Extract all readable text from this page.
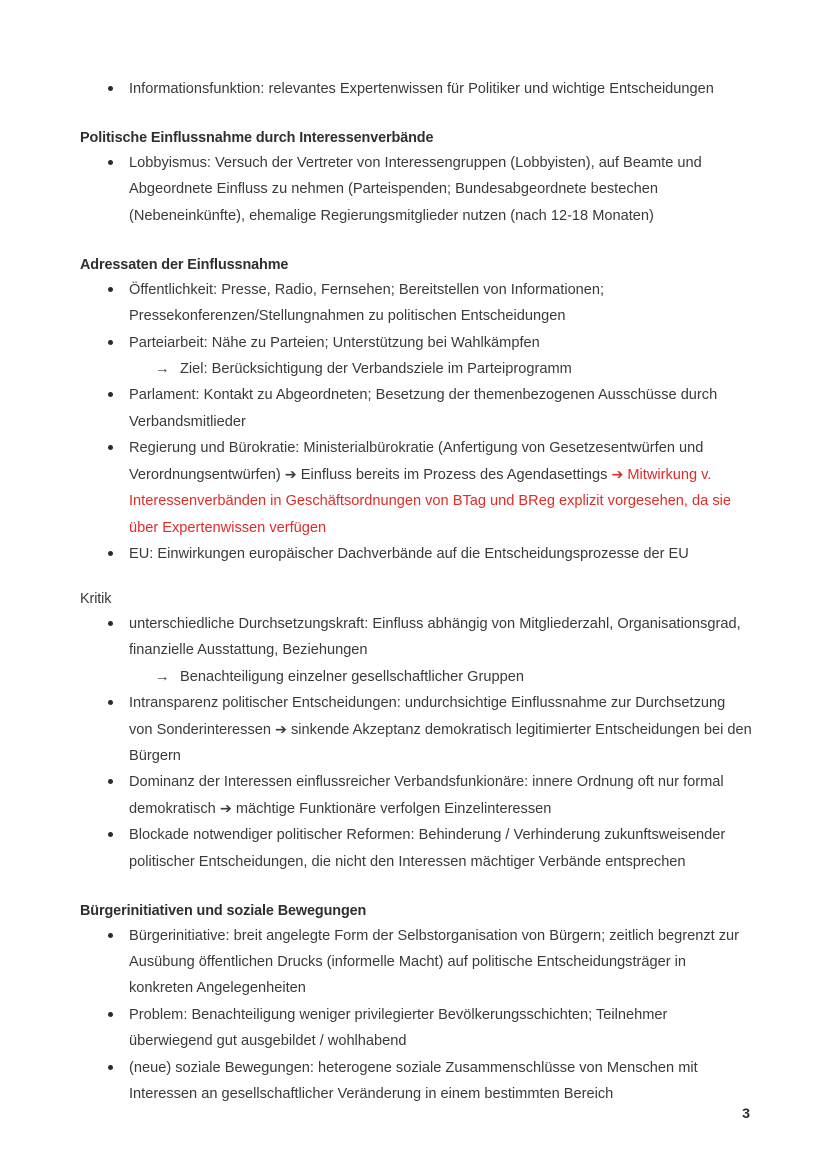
Informationsfunktion: relevantes Expertenwissen für Politiker und wichtige Entscheidungen

Politische Einflussnahme durch Interessenverbände

Lobbyismus: Versuch der Vertreter von Interessengruppen (Lobbyisten), auf Beamte und Abgeordnete Einfluss zu nehmen (Parteispenden; Bundesabgeordnete bestechen (Nebeneinkünfte), ehemalige Regierungsmitglieder nutzen (nach 12-18 Monaten)

Adressaten der Einflussnahme

Öffentlichkeit: Presse, Radio, Fernsehen; Bereitstellen von Informationen; Pressekonferenzen/Stellungnahmen zu politischen Entscheidungen
Parteiarbeit: Nähe zu Parteien; Unterstützung bei Wahlkämpfen
→ Ziel: Berücksichtigung der Verbandsziele im Parteiprogramm
Parlament: Kontakt zu Abgeordneten; Besetzung der themenbezogenen Ausschüsse durch Verbandsmitlieder
Regierung und Bürokratie: Ministerialbürokratie (Anfertigung von Gesetzesentwürfen und Verordnungsentwürfen) ➔ Einfluss bereits im Prozess des Agendasettings ➔ Mitwirkung v. Interessenverbänden in Geschäftsordnungen von BTag und BReg explizit vorgesehen, da sie über Expertenwissen verfügen
EU: Einwirkungen europäischer Dachverbände auf die Entscheidungsprozesse der EU

Kritik

unterschiedliche Durchsetzungskraft: Einfluss abhängig von Mitgliederzahl, Organisationsgrad, finanzielle Ausstattung, Beziehungen
→ Benachteiligung einzelner gesellschaftlicher Gruppen
Intransparenz politischer Entscheidungen: undurchsichtige Einflussnahme zur Durchsetzung von Sonderinteressen ➔ sinkende Akzeptanz demokratisch legitimierter Entscheidungen bei den Bürgern
Dominanz der Interessen einflussreicher Verbandsfunkionäre: innere Ordnung oft nur formal demokratisch ➔ mächtige Funktionäre verfolgen Einzelinteressen
Blockade notwendiger politischer Reformen: Behinderung / Verhinderung zukunftsweisender politischer Entscheidungen, die nicht den Interessen mächtiger Verbände entsprechen

Bürgerinitiativen und soziale Bewegungen

Bürgerinitiative: breit angelegte Form der Selbstorganisation von Bürgern; zeitlich begrenzt zur Ausübung öffentlichen Drucks (informelle Macht) auf politische Entscheidungsträger in konkreten Angelegenheiten
Problem: Benachteiligung weniger privilegierter Bevölkerungsschichten; Teilnehmer überwiegend gut ausgebildet / wohlhabend
(neue) soziale Bewegungen: heterogene soziale Zusammenschlüsse von Menschen mit Interessen an gesellschaftlicher Veränderung in einem bestimmten Bereich
3
